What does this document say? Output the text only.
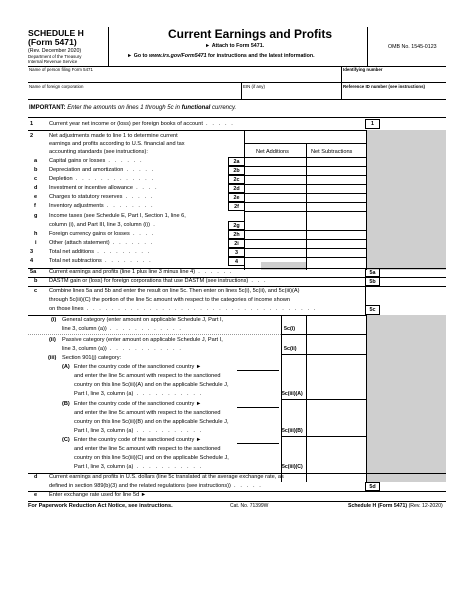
SCHEDULE H
(Form 5471)
(Rev. December 2020)
Department of the Treasury
Internal Revenue Service
Current Earnings and Profits
► Attach to Form 5471.
► Go to www.irs.gov/Form5471 for instructions and the latest information.
OMB No. 1545-0123
Name of person filing Form 5471	Identifying number
Name of foreign corporation	EIN (if any)	Reference ID number (see instructions)
IMPORTANT: Enter the amounts on lines 1 through 5c in functional currency.
1	Current year net income or (loss) per foreign books of account . . . . .	1
2	Net adjustments made to line 1 to determine current
earnings and profits according to U.S. financial and tax
accounting standards (see instructions):	Net Additions	Net Subtractions
a Capital gains or losses . . . . . .	2a
b Depreciation and amortization . . . . .	2b
c Depletion . . . . . . . . . . . . .	2c
d Investment or incentive allowance . . . .	2d
e Charges to statutory reserves . . . . .	2e
f Inventory adjustments . . . . . . . .	2f
g Income taxes (see Schedule E, Part I, Section 1, line 6,
column (i), and Part III, line 3, column (i)) .	2g
h Foreign currency gains or losses . . . .	2h
i Other (attach statement) . . . . . . .	2i
3	Total net additions . . . . . . . . .	3
4	Total net subtractions . . . . . . . .	4
5a Current earnings and profits (line 1 plus line 3 minus line 4) . . . . . .	5a
b DASTM gain or (loss) for foreign corporations that use DASTM (see instructions) . . .	5b
c Combine lines 5a and 5b and enter the result on line 5c. Then enter on lines 5c(i), 5c(ii), and 5c(iii)(A)
through 5c(iii)(C) the portion of the line 5c amount with respect to the categories of income shown
on those lines . . . . . . . . . . . . . . . . . . . . . . . . . . . . . . . . . . . . .	5c
(i) General category (enter amount on applicable Schedule J, Part I,
line 3, column (a)) . . . . . . . . . . . .	5c(i)
(ii) Passive category (enter amount on applicable Schedule J, Part I,
line 3, column (a)) . . . . . . . . . . . .	5c(ii)
(iii) Section 901(j) category:
(A) Enter the country code of the sanctioned country ►
and enter the line 5c amount with respect to the sanctioned
country on this line 5c(iii)(A) and on the applicable Schedule J,
Part I, line 3, column (a) . . . . . . . . . . .	5c(iii)(A)
(B) Enter the country code of the sanctioned country ►
and enter the line 5c amount with respect to the sanctioned
country on this line 5c(iii)(B) and on the applicable Schedule J,
Part I, line 3, column (a) . . . . . . . . . . .	5c(iii)(B)
(C) Enter the country code of the sanctioned country ►
and enter the line 5c amount with respect to the sanctioned
country on this line 5c(iii)(C) and on the applicable Schedule J,
Part I, line 3, column (a) . . . . . . . . . . .	5c(iii)(C)
d Current earnings and profits in U.S. dollars (line 5c translated at the average exchange rate, as
defined in section 989(b)(3) and the related regulations (see instructions)) . . . . .	5d
e Enter exchange rate used for line 5d ►
For Paperwork Reduction Act Notice, see instructions.	Cat. No. 71399W	Schedule H (Form 5471) (Rev. 12-2020)
